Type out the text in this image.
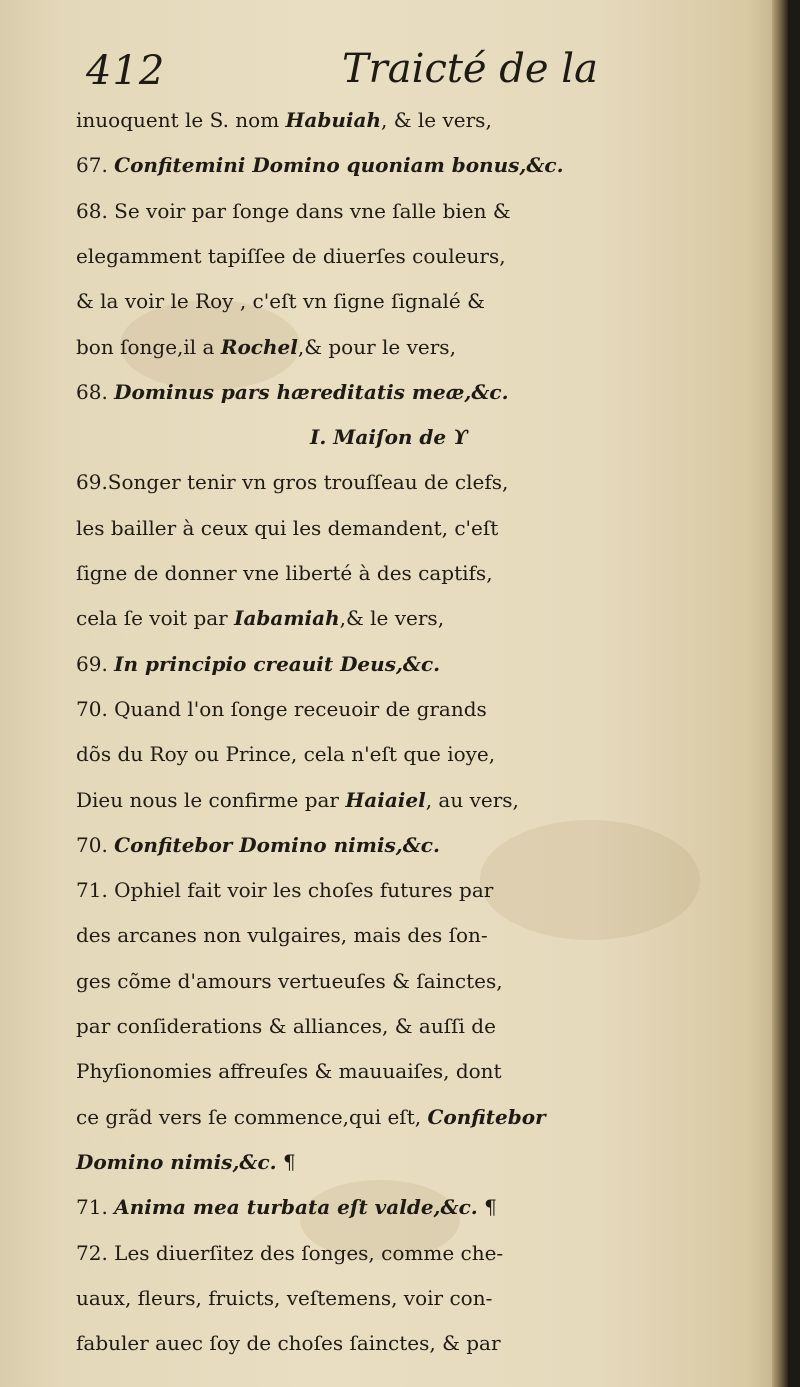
412	Traicté de la
inuoquent le S. nom Habuiah, & le vers,
67. Confitemini Domino quoniam bonus,&c.
68. Se voir par ſonge dans vne ſalle bien &
elegamment tapiſſee de diuerſes couleurs,
& la voir le Roy , c'eſt vn ſigne ſignalé &
bon ſonge,il a Rochel,& pour le vers,
68. Dominus pars hæreditatis meæ,&c.
I. Maiſon de ϒ
69.Songer tenir vn gros trouſſeau de clefs,
les bailler à ceux qui les demandent, c'eſt
ſigne de donner vne liberté à des captifs,
cela ſe voit par Iabamiah,& le vers,
69. In principio creauit Deus,&c.
70. Quand l'on ſonge receuoir de grands
dõs du Roy ou Prince, cela n'eſt que ioye,
Dieu nous le confirme par Haiaiel, au vers,
70. Confitebor Domino nimis,&c.
71. Ophiel fait voir les choſes futures par
des arcanes non vulgaires, mais des ſon-
ges cõme d'amours vertueuſes & ſainctes,
par conſiderations & alliances, & auſſi de
Phyſionomies affreuſes & mauuaiſes, dont
ce grãd vers ſe commence,qui eſt, Confitebor
Domino nimis,&c. ¶
71. Anima mea turbata eſt valde,&c. ¶
72. Les diuerſitez des ſonges, comme che-
uaux, fleurs, fruicts, veſtemens, voir con-
fabuler auec ſoy de choſes ſainctes, & par
